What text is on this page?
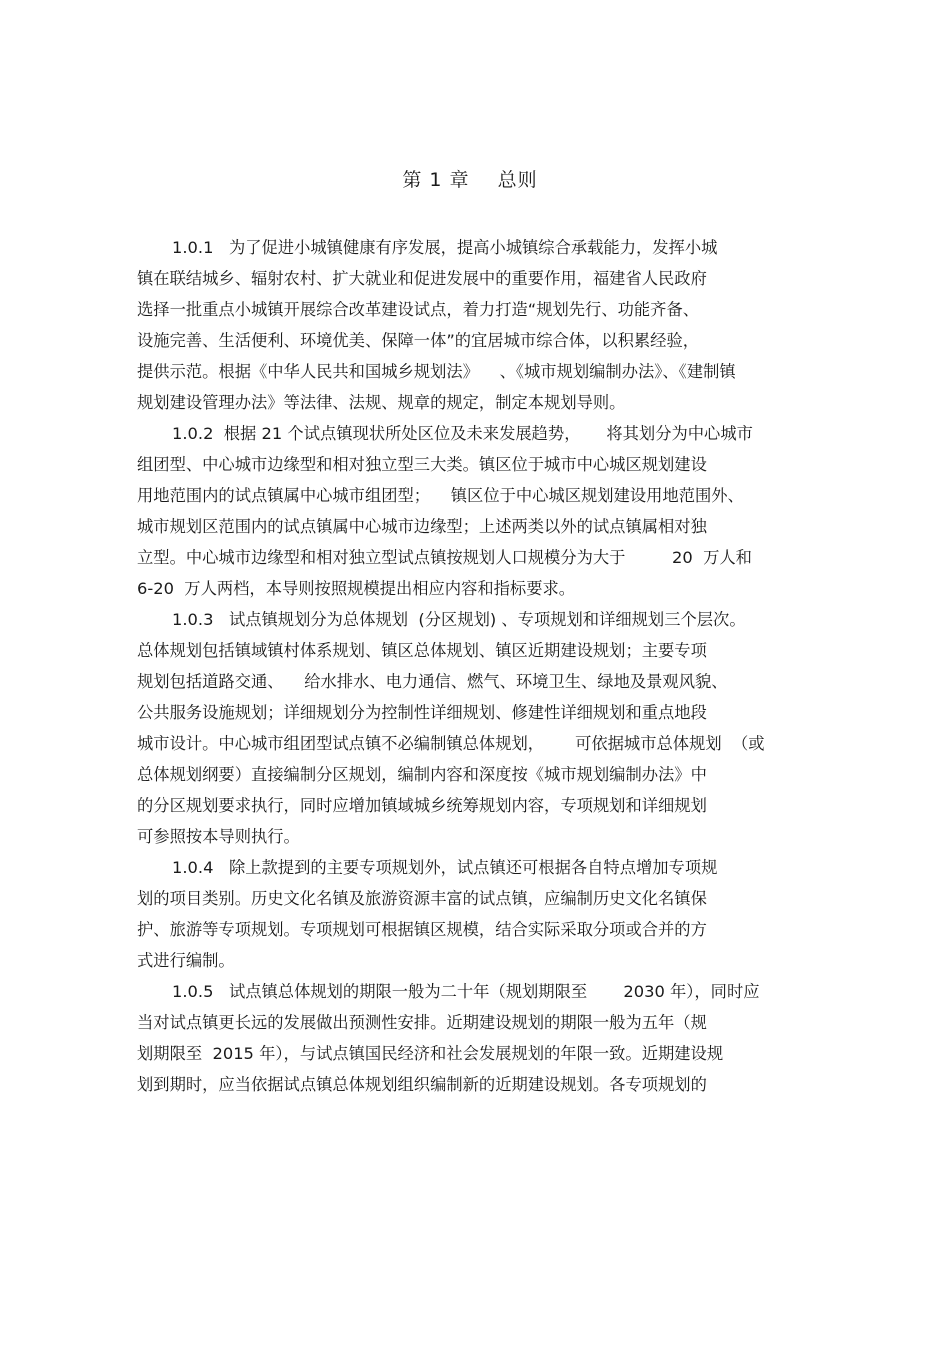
第 1 章    总则
1.0.1   为了促进小城镇健康有序发展，提高小城镇综合承载能力，发挥小城
镇在联结城乡、辐射农村、扩大就业和促进发展中的重要作用，福建省人民政府
选择一批重点小城镇开展综合改革建设试点，着力打造“规划先行、功能齐备、
设施完善、生活便利、环境优美、保障一体”的宜居城市综合体，以积累经验，
提供示范。根据《中华人民共和国城乡规划法》    、《城市规划编制办法》、《建制镇
规划建设管理办法》等法律、法规、规章的规定，制定本规划导则。
1.0.2  根据 21 个试点镇现状所处区位及未来发展趋势，     将其划分为中心城市
组团型、中心城市边缘型和相对独立型三大类。镇区位于城市中心城区规划建设
用地范围内的试点镇属中心城市组团型；    镇区位于中心城区规划建设用地范围外、
城市规划区范围内的试点镇属中心城市边缘型；上述两类以外的试点镇属相对独
立型。中心城市边缘型和相对独立型试点镇按规划人口规模分为大于         20  万人和
6-20  万人两档，本导则按照规模提出相应内容和指标要求。
1.0.3   试点镇规划分为总体规划  (分区规划) 、专项规划和详细规划三个层次。
总体规划包括镇域镇村体系规划、镇区总体规划、镇区近期建设规划；主要专项
规划包括道路交通、    给水排水、电力通信、燃气、环境卫生、绿地及景观风貌、
公共服务设施规划；详细规划分为控制性详细规划、修建性详细规划和重点地段
城市设计。中心城市组团型试点镇不必编制镇总体规划，      可依据城市总体规划  （或
总体规划纲要）直接编制分区规划，编制内容和深度按《城市规划编制办法》中
的分区规划要求执行，同时应增加镇域城乡统筹规划内容，专项规划和详细规划
可参照按本导则执行。
1.0.4   除上款提到的主要专项规划外，试点镇还可根据各自特点增加专项规
划的项目类别。历史文化名镇及旅游资源丰富的试点镇，应编制历史文化名镇保
护、旅游等专项规划。专项规划可根据镇区规模，结合实际采取分项或合并的方
式进行编制。
1.0.5   试点镇总体规划的期限一般为二十年（规划期限至       2030 年），同时应
当对试点镇更长远的发展做出预测性安排。近期建设规划的期限一般为五年（规
划期限至  2015 年），与试点镇国民经济和社会发展规划的年限一致。近期建设规
划到期时，应当依据试点镇总体规划组织编制新的近期建设规划。各专项规划的
